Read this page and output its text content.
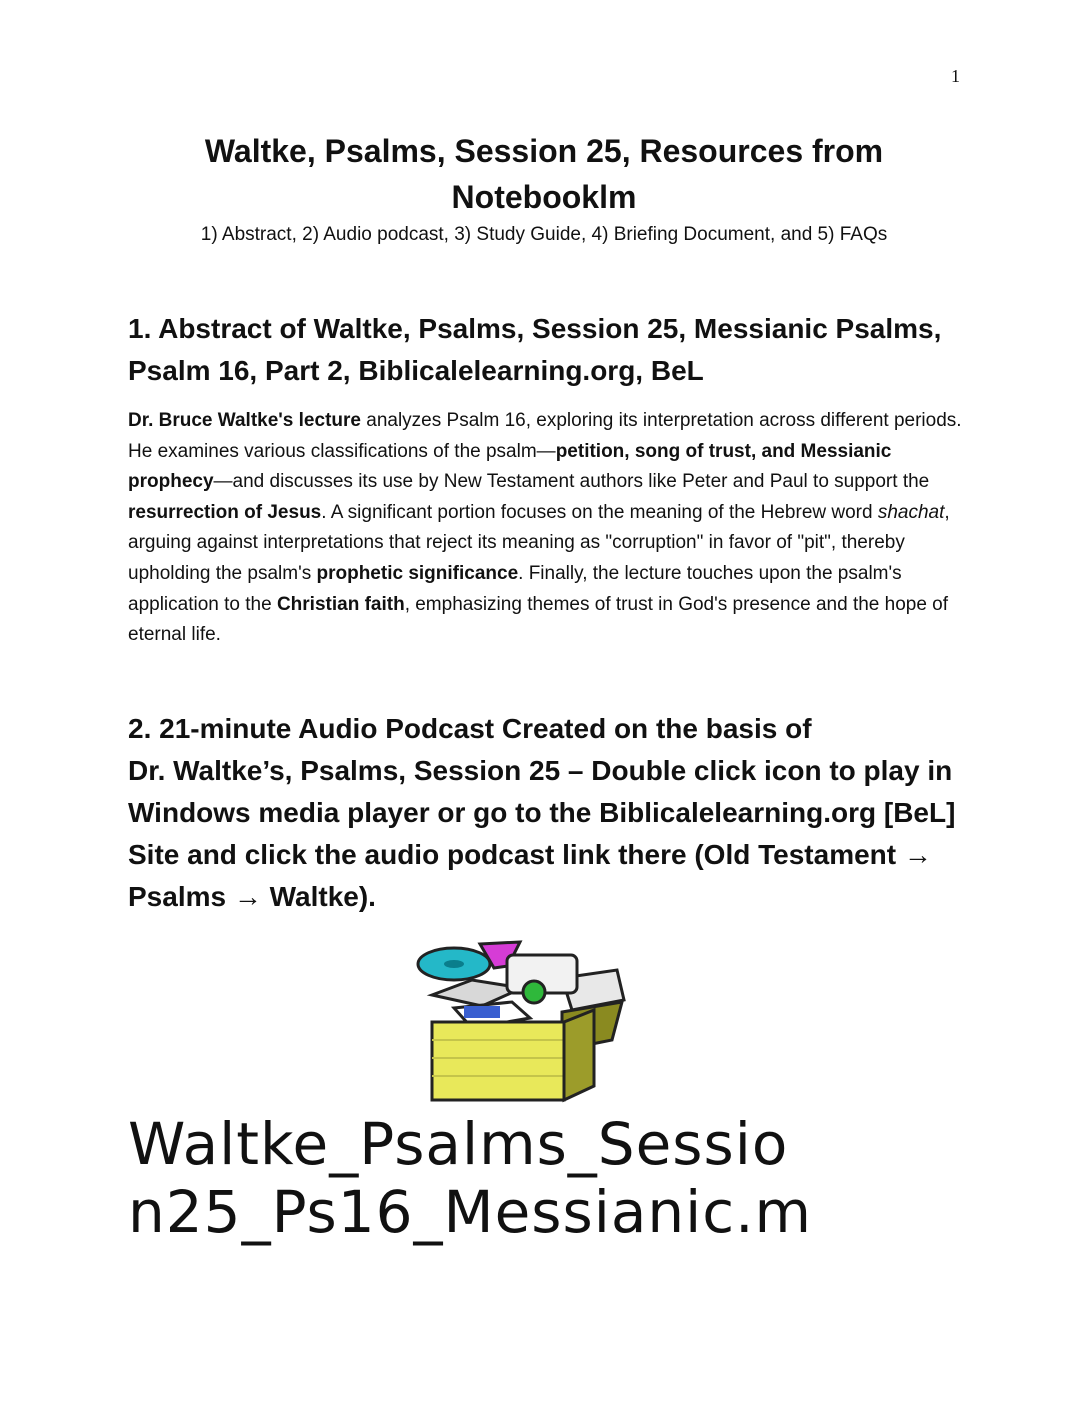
1
Waltke, Psalms, Session 25, Resources from
Notebooklm

1) Abstract, 2) Audio podcast, 3) Study Guide, 4) Briefing Document, and 5) FAQs

1. Abstract of Waltke, Psalms, Session 25, Messianic Psalms, Psalm 16, Part 2, Biblicalelearning.org, BeL

Dr. Bruce Waltke's lecture analyzes Psalm 16, exploring its interpretation across different periods. He examines various classifications of the psalm—petition, song of trust, and Messianic prophecy—and discusses its use by New Testament authors like Peter and Paul to support the resurrection of Jesus. A significant portion focuses on the meaning of the Hebrew word shachat, arguing against interpretations that reject its meaning as "corruption" in favor of "pit", thereby upholding the psalm's prophetic significance. Finally, the lecture touches upon the psalm's application to the Christian faith, emphasizing themes of trust in God's presence and the hope of eternal life.

2. 21-minute Audio Podcast Created on the basis of
Dr. Waltke’s, Psalms, Session 25 – Double click icon to play in
Windows media player or go to the Biblicalelearning.org [BeL]
Site and click the audio podcast link there (Old Testament →
Psalms → Waltke).

Waltke_Psalms_Sessio
n25_Ps16_Messianic.m
